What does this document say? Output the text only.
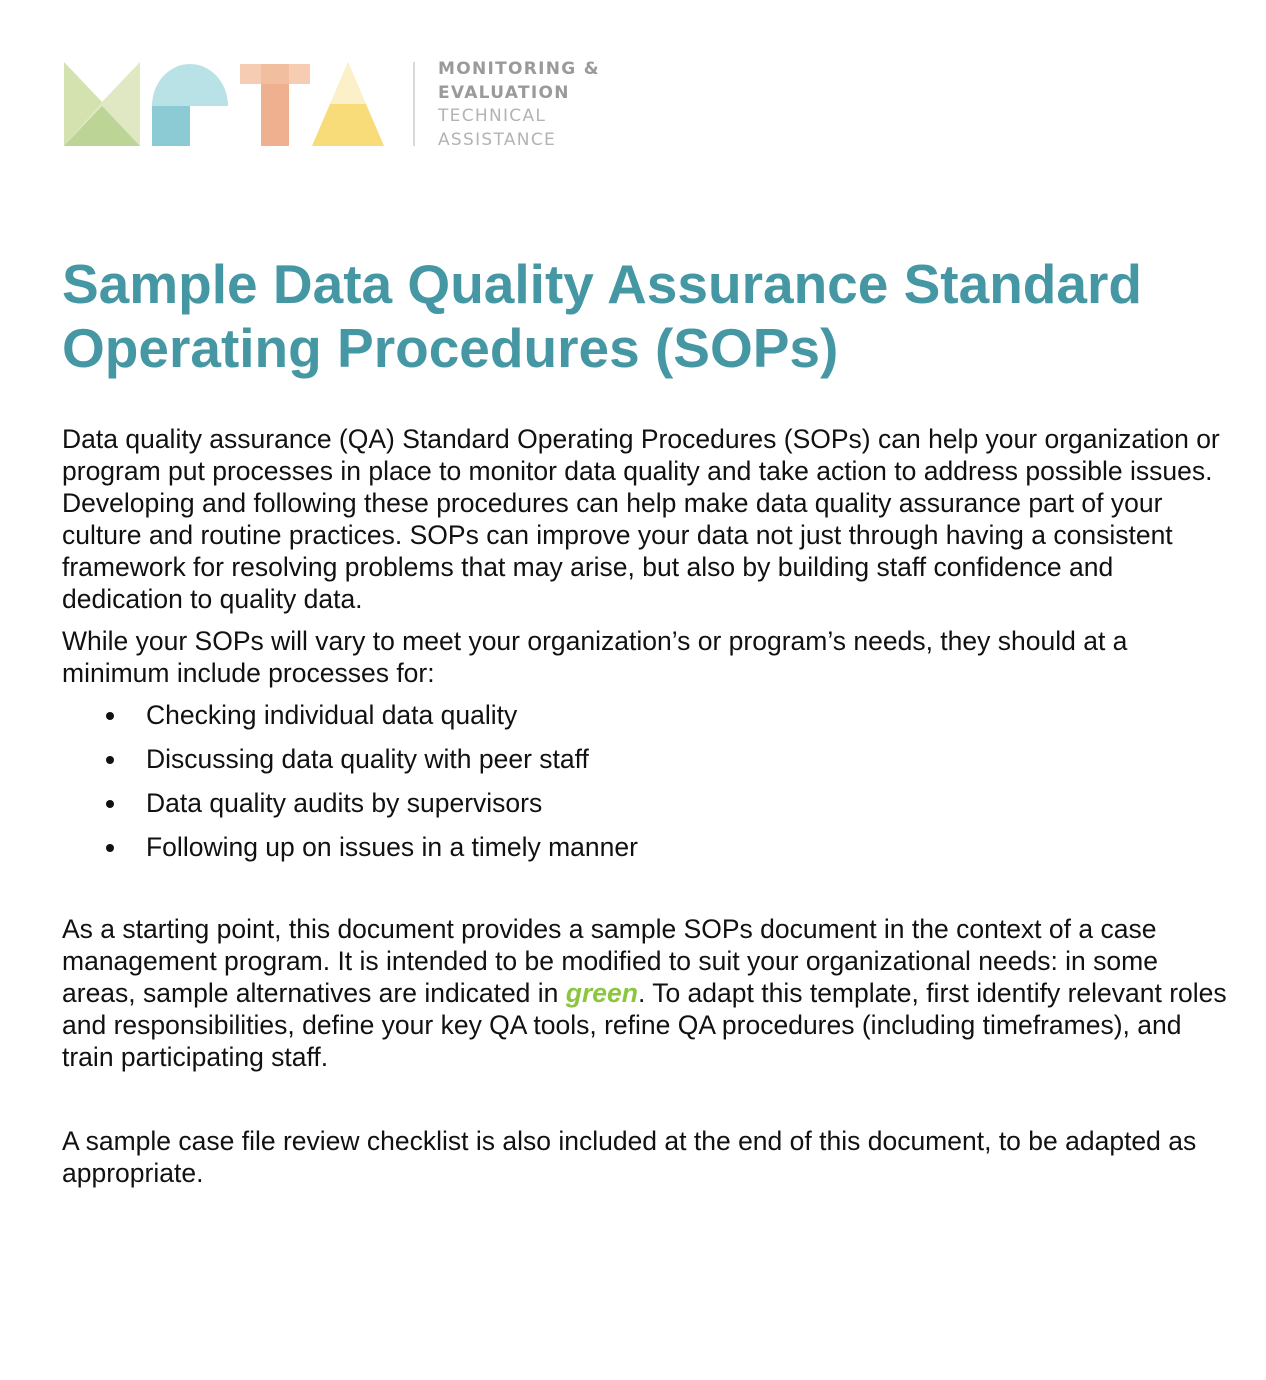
MONITORING &
EVALUATION
TECHNICAL
ASSISTANCE
Sample Data Quality Assurance Standard Operating Procedures (SOPs)

Data quality assurance (QA) Standard Operating Procedures (SOPs) can help your organization or program put processes in place to monitor data quality and take action to address possible issues. Developing and following these procedures can help make data quality assurance part of your culture and routine practices. SOPs can improve your data not just through having a consistent framework for resolving problems that may arise, but also by building staff confidence and dedication to quality data.

While your SOPs will vary to meet your organization’s or program’s needs, they should at a minimum include processes for:

Checking individual data quality
Discussing data quality with peer staff
Data quality audits by supervisors
Following up on issues in a timely manner

As a starting point, this document provides a sample SOPs document in the context of a case management program. It is intended to be modified to suit your organizational needs: in some areas, sample alternatives are indicated in green. To adapt this template, first identify relevant roles and responsibilities, define your key QA tools, refine QA procedures (including timeframes), and train participating staff.

A sample case file review checklist is also included at the end of this document, to be adapted as appropriate.
